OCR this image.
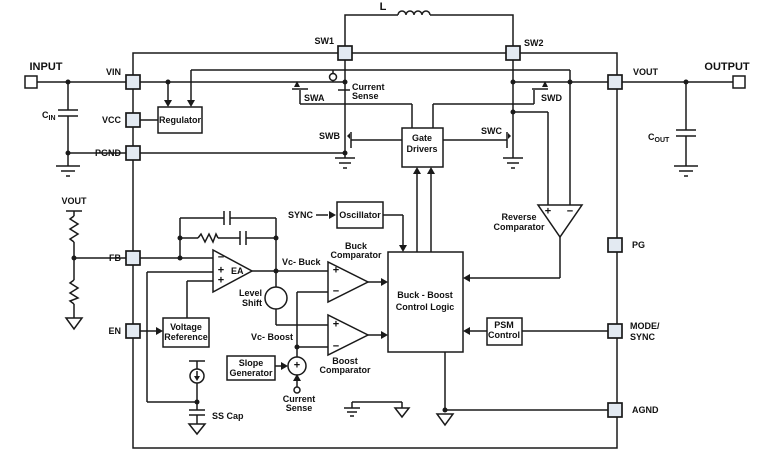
INPUT	OUTPUT
L
SW1	SW2
VIN
VCC
PGND
FB
EN
VOUT
PG
MODE/
SYNC
AGND
$C_{IN}$
$C_{OUT}$
VOUT
SS Cap
Regulator
Oscillator
SYNC
Gate
Drivers
Buck - Boost
Control Logic
PSM
Control
Voltage
Reference
Slope
Generator
Level
Shift
EA
SWA	SWD
SWB	SWC
Vc- Buck
Vc- Boost
Current
Sense
Current
Sense
Buck
Comparator
Boost
Comparator
Reverse
Comparator
−
+
+
+
−
+
−
+ −
+
